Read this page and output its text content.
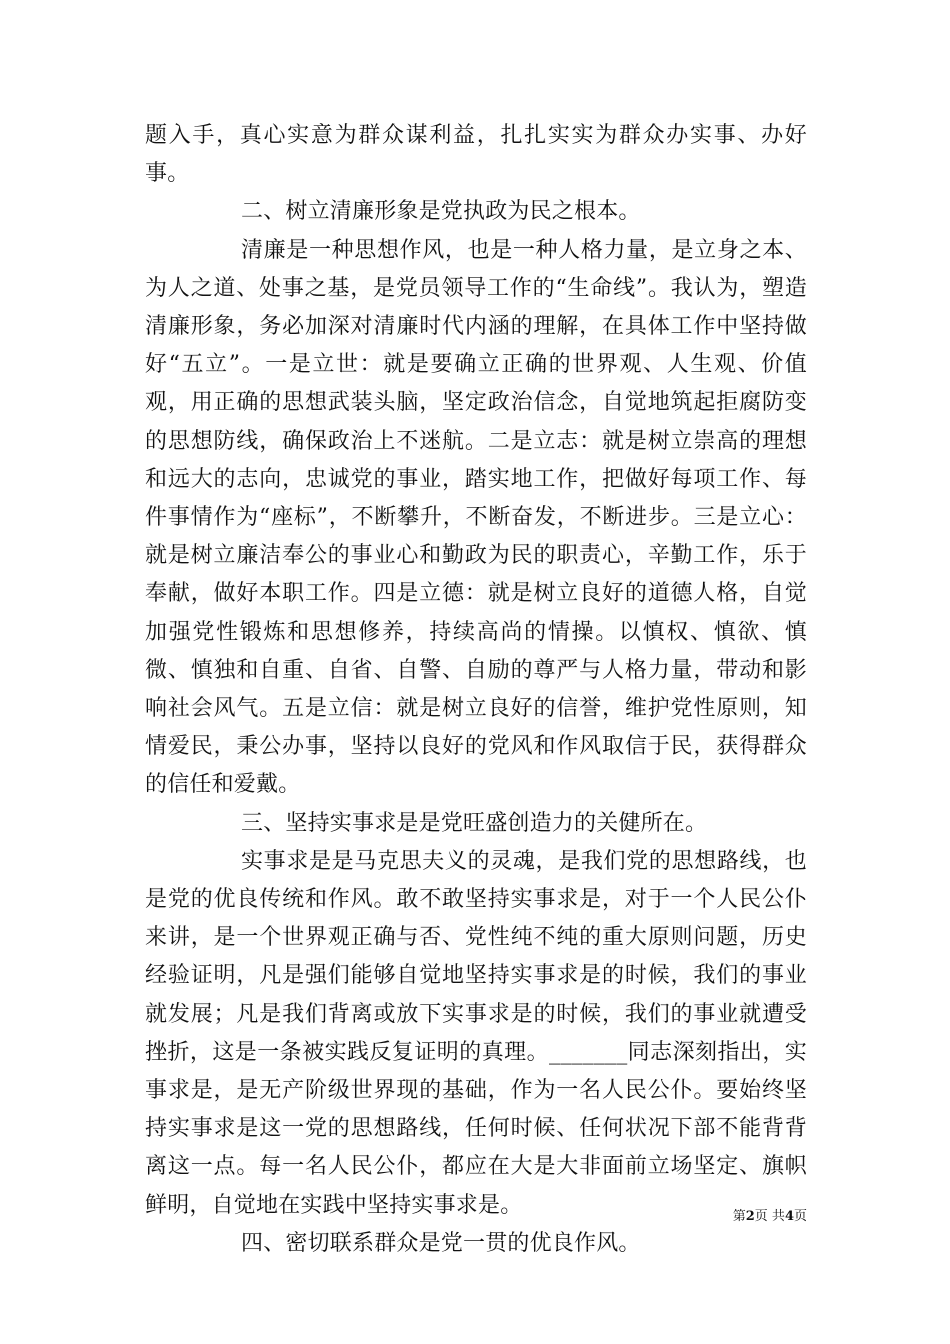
题入手，真心实意为群众谋利益，扎扎实实为群众办实事、办好事。

二、树立清廉形象是党执政为民之根本。

清廉是一种思想作风，也是一种人格力量，是立身之本、为人之道、处事之基，是党员领导工作的“生命线”。我认为，塑造清廉形象，务必加深对清廉时代内涵的理解，在具体工作中坚持做好“五立”。一是立世：就是要确立正确的世界观、人生观、价值观，用正确的思想武装头脑，坚定政治信念，自觉地筑起拒腐防变的思想防线，确保政治上不迷航。二是立志：就是树立崇高的理想和远大的志向，忠诚党的事业，踏实地工作，把做好每项工作、每件事情作为“座标”，不断攀升，不断奋发，不断进步。三是立心：就是树立廉洁奉公的事业心和勤政为民的职责心，辛勤工作，乐于奉献，做好本职工作。四是立德：就是树立良好的道德人格，自觉加强党性锻炼和思想修养，持续高尚的情操。以慎权、慎欲、慎微、慎独和自重、自省、自警、自励的尊严与人格力量，带动和影响社会风气。五是立信：就是树立良好的信誉，维护党性原则，知情爱民，秉公办事，坚持以良好的党风和作风取信于民，获得群众的信任和爱戴。

三、坚持实事求是是党旺盛创造力的关健所在。

实事求是是马克思夫义的灵魂，是我们党的思想路线，也是党的优良传统和作风。敢不敢坚持实事求是，对于一个人民公仆来讲，是一个世界观正确与否、党性纯不纯的重大原则问题，历史经验证明，凡是强们能够自觉地坚持实事求是的时候，我们的事业就发展；凡是我们背离或放下实事求是的时候，我们的事业就遭受挫折，这是一条被实践反复证明的真理。_______同志深刻指出，实事求是，是无产阶级世界现的基础，作为一名人民公仆。要始终坚持实事求是这一党的思想路线，任何时候、任何状况下部不能背背离这一点。每一名人民公仆，都应在大是大非面前立场坚定、旗帜鲜明，自觉地在实践中坚持实事求是。

四、密切联系群众是党一贯的优良作风。

第2页 共4页
